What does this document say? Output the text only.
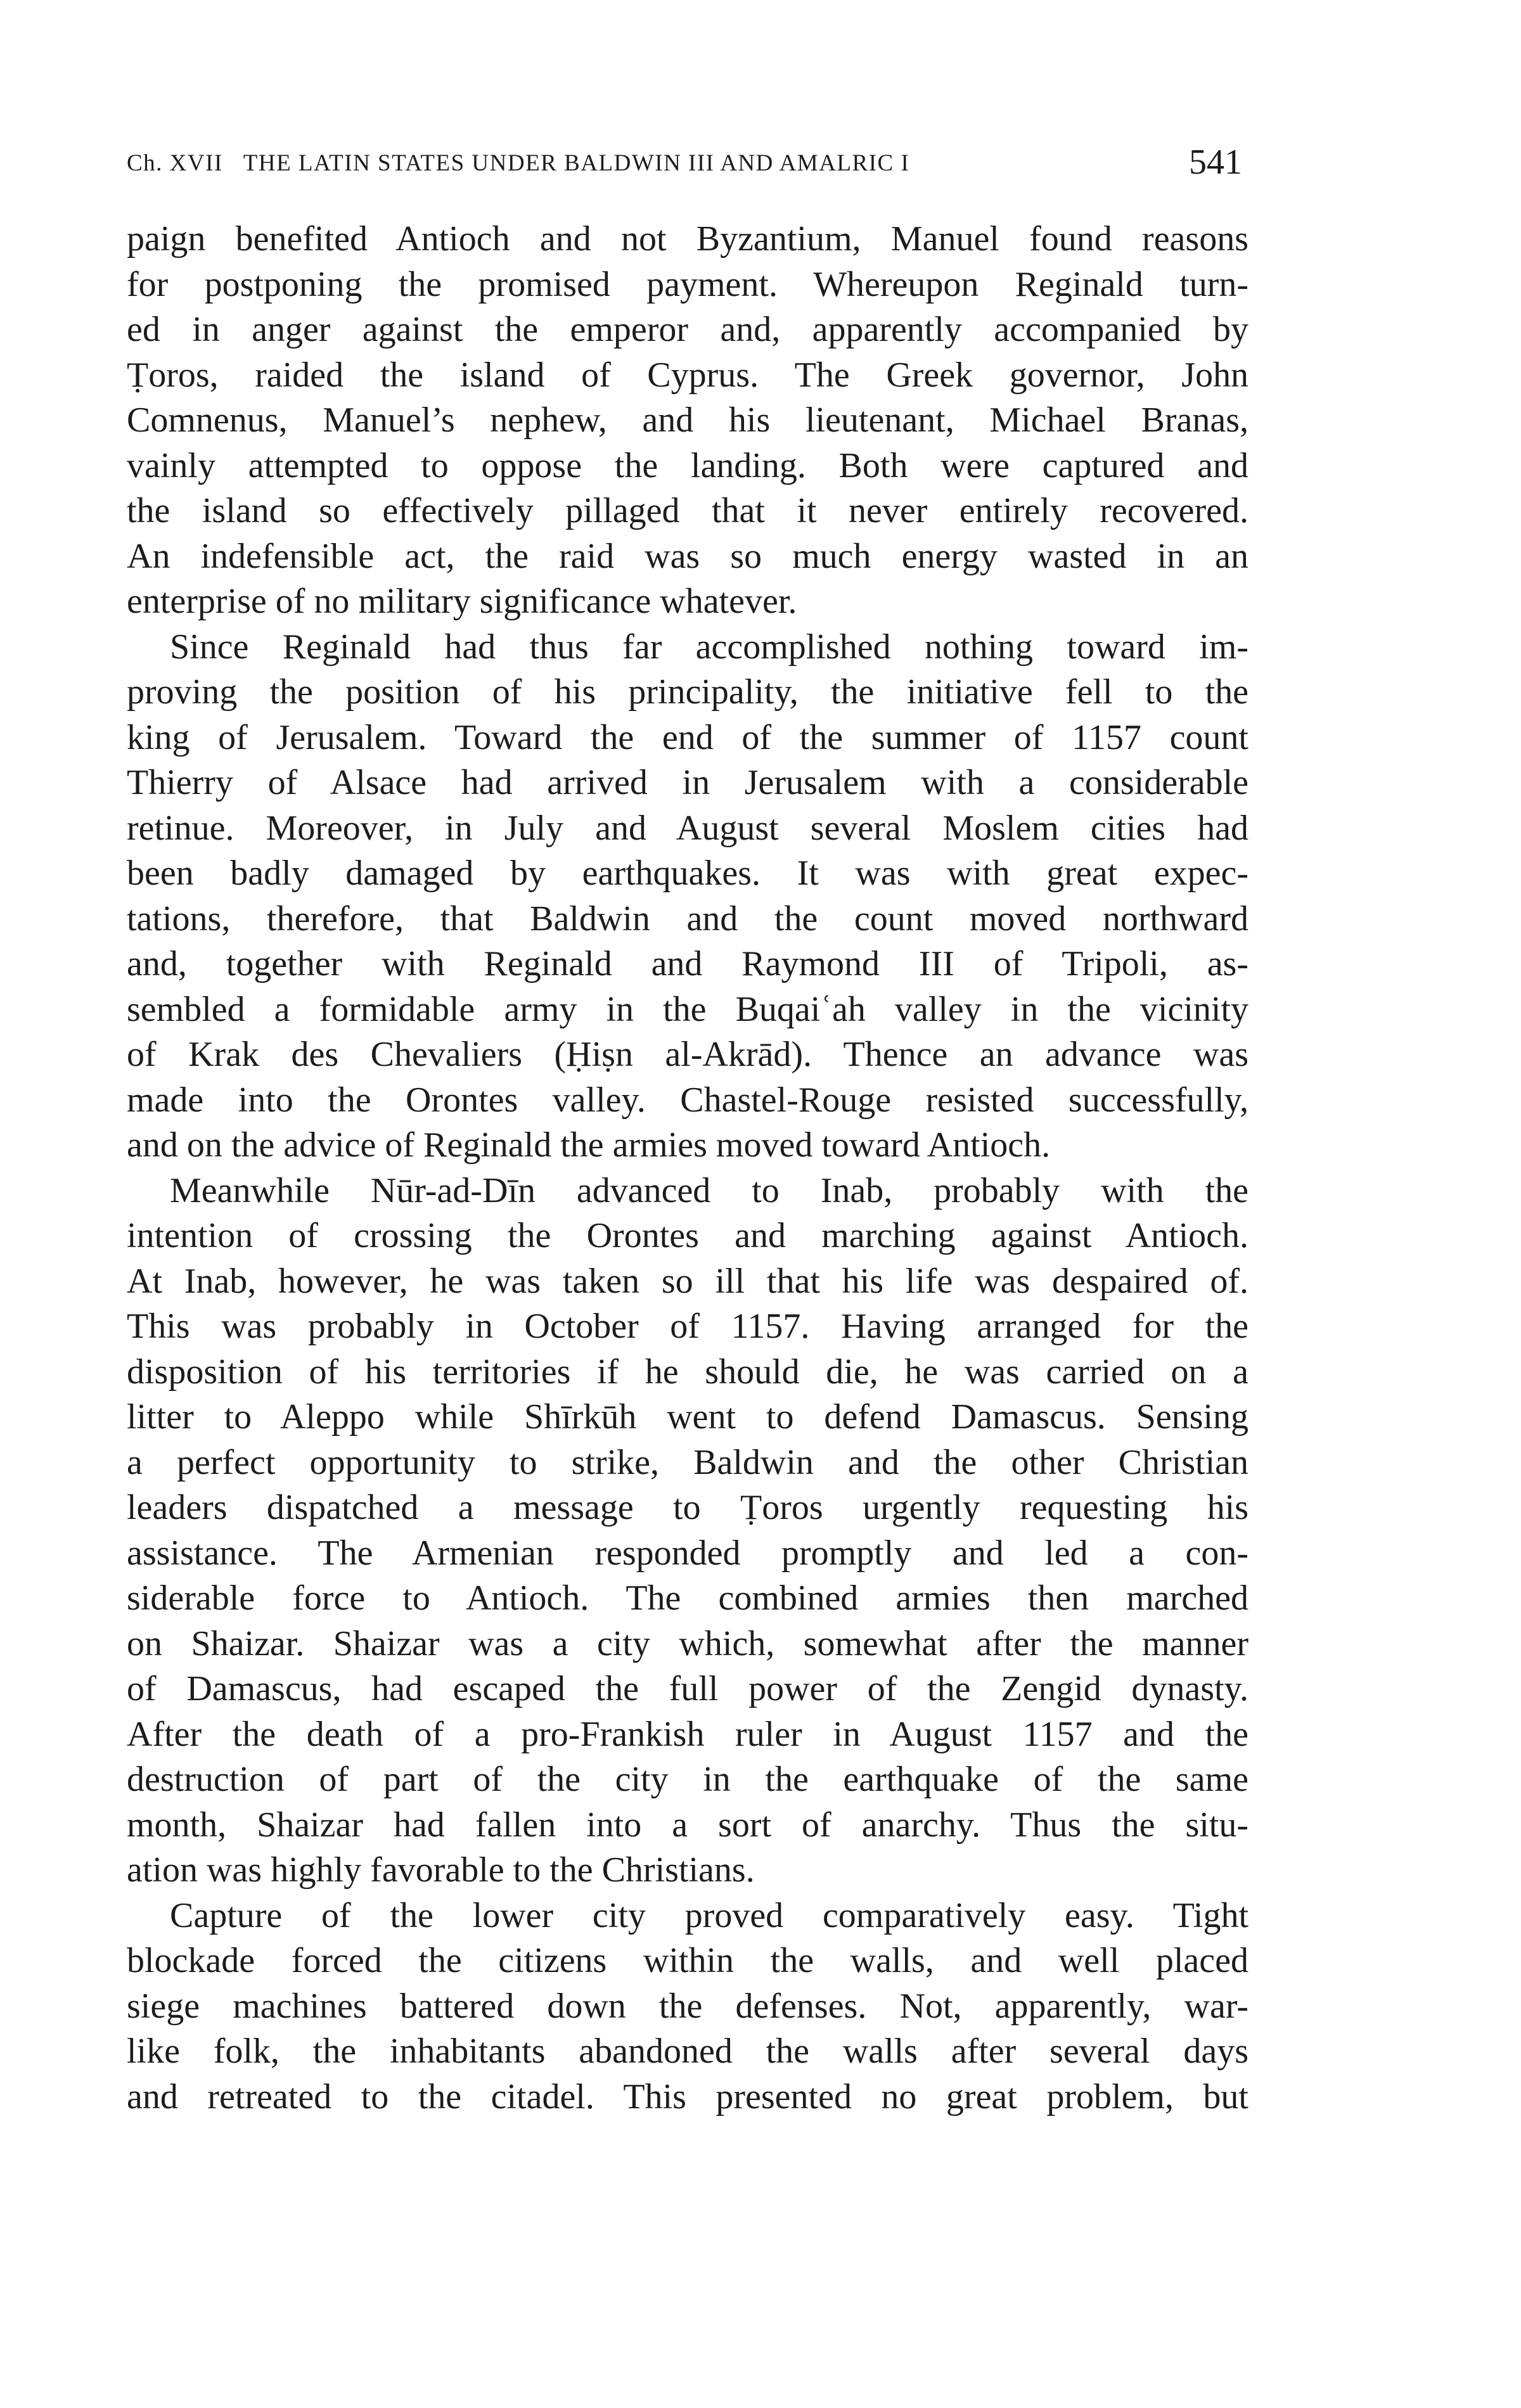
Ch. XVII THE LATIN STATES UNDER BALDWIN III AND AMALRIC I	541
paign benefited Antioch and not Byzantium, Manuel found reasons
for postponing the promised payment. Whereupon Reginald turn-
ed in anger against the emperor and, apparently accompanied by
Ṭoros, raided the island of Cyprus. The Greek governor, John
Comnenus, Manuel’s nephew, and his lieutenant, Michael Branas,
vainly attempted to oppose the landing. Both were captured and
the island so effectively pillaged that it never entirely recovered.
An indefensible act, the raid was so much energy wasted in an
enterprise of no military significance whatever.
Since Reginald had thus far accomplished nothing toward im-
proving the position of his principality, the initiative fell to the
king of Jerusalem. Toward the end of the summer of 1157 count
Thierry of Alsace had arrived in Jerusalem with a considerable
retinue. Moreover, in July and August several Moslem cities had
been badly damaged by earthquakes. It was with great expec-
tations, therefore, that Baldwin and the count moved northward
and, together with Reginald and Raymond III of Tripoli, as-
sembled a formidable army in the Buqaiʿah valley in the vicinity
of Krak des Chevaliers (Ḥiṣn al-Akrād). Thence an advance was
made into the Orontes valley. Chastel-Rouge resisted successfully,
and on the advice of Reginald the armies moved toward Antioch.
Meanwhile Nūr-ad-Dīn advanced to Inab, probably with the
intention of crossing the Orontes and marching against Antioch.
At Inab, however, he was taken so ill that his life was despaired of.
This was probably in October of 1157. Having arranged for the
disposition of his territories if he should die, he was carried on a
litter to Aleppo while Shīrkūh went to defend Damascus. Sensing
a perfect opportunity to strike, Baldwin and the other Christian
leaders dispatched a message to Ṭoros urgently requesting his
assistance. The Armenian responded promptly and led a con-
siderable force to Antioch. The combined armies then marched
on Shaizar. Shaizar was a city which, somewhat after the manner
of Damascus, had escaped the full power of the Zengid dynasty.
After the death of a pro-Frankish ruler in August 1157 and the
destruction of part of the city in the earthquake of the same
month, Shaizar had fallen into a sort of anarchy. Thus the situ-
ation was highly favorable to the Christians.
Capture of the lower city proved comparatively easy. Tight
blockade forced the citizens within the walls, and well placed
siege machines battered down the defenses. Not, apparently, war-
like folk, the inhabitants abandoned the walls after several days
and retreated to the citadel. This presented no great problem, but
